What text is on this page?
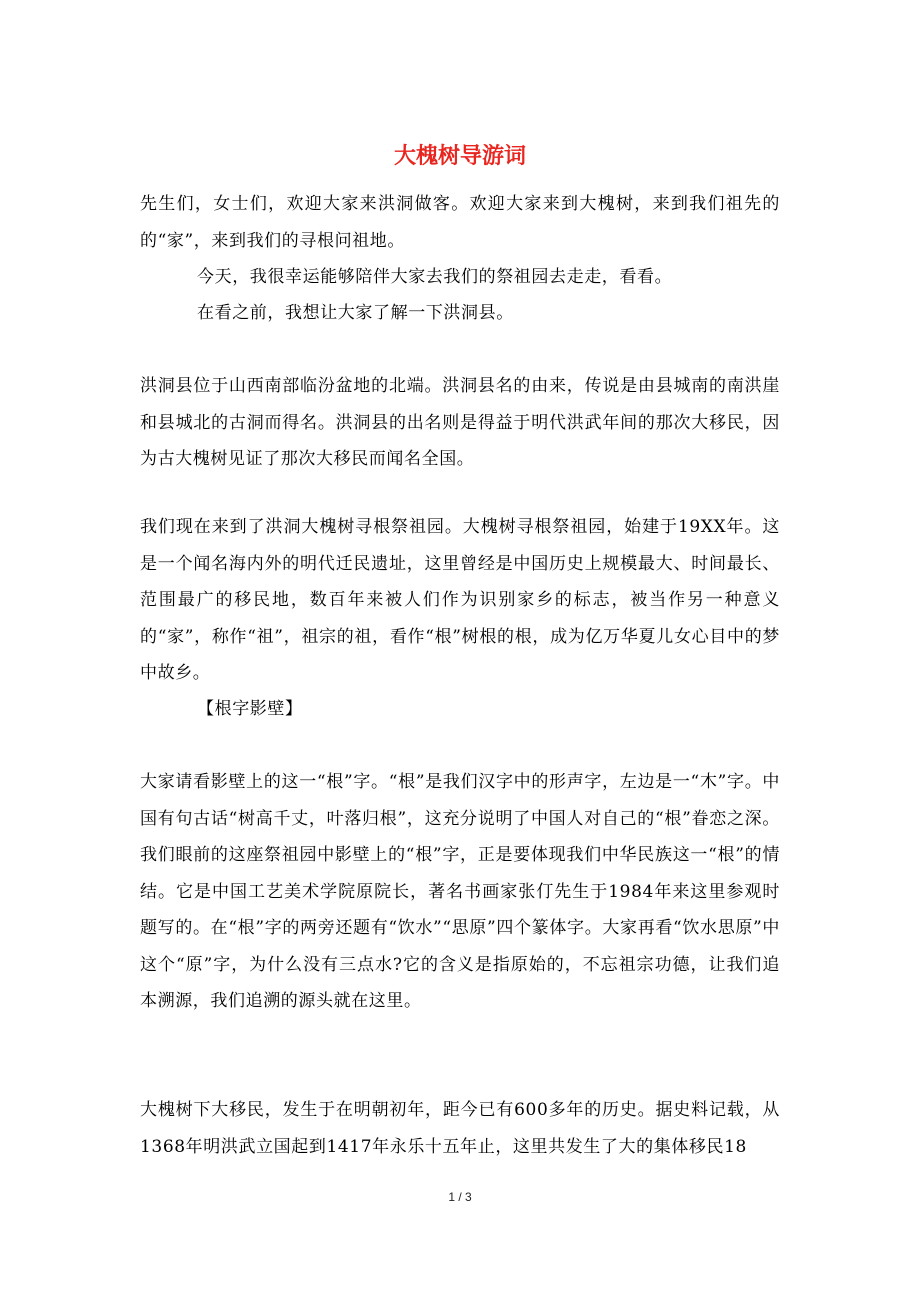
大槐树导游词

先生们，女士们，欢迎大家来洪洞做客。欢迎大家来到大槐树，来到我们祖先的的“家”，来到我们的寻根问祖地。

今天，我很幸运能够陪伴大家去我们的祭祖园去走走，看看。

在看之前，我想让大家了解一下洪洞县。

洪洞县位于山西南部临汾盆地的北端。洪洞县名的由来，传说是由县城南的南洪崖和县城北的古洞而得名。洪洞县的出名则是得益于明代洪武年间的那次大移民，因为古大槐树见证了那次大移民而闻名全国。

我们现在来到了洪洞大槐树寻根祭祖园。大槐树寻根祭祖园，始建于19XX年。这是一个闻名海内外的明代迁民遗址，这里曾经是中国历史上规模最大、时间最长、范围最广的移民地，数百年来被人们作为识别家乡的标志，被当作另一种意义的“家”，称作“祖”，祖宗的祖，看作“根”树根的根，成为亿万华夏儿女心目中的梦中故乡。

【根字影壁】

大家请看影壁上的这一“根”字。“根”是我们汉字中的形声字，左边是一“木”字。中国有句古话“树高千丈，叶落归根”，这充分说明了中国人对自己的“根”眷恋之深。我们眼前的这座祭祖园中影壁上的“根”字，正是要体现我们中华民族这一“根”的情结。它是中国工艺美术学院原院长，著名书画家张仃先生于1984年来这里参观时题写的。在“根”字的两旁还题有“饮水”“思原”四个篆体字。大家再看“饮水思原”中这个“原”字，为什么没有三点水?它的含义是指原始的，不忘祖宗功德，让我们追本溯源，我们追溯的源头就在这里。

大槐树下大移民，发生于在明朝初年，距今已有600多年的历史。据史料记载，从1368年明洪武立国起到1417年永乐十五年止，这里共发生了大的集体移民18

1 / 3
